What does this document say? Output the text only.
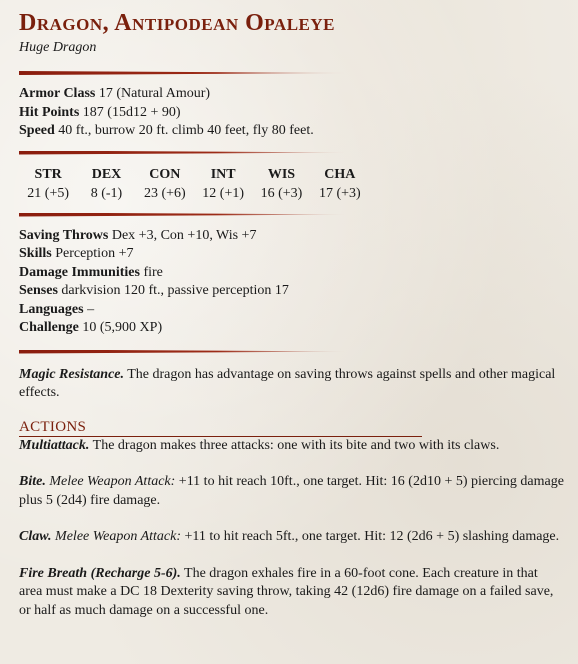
Dragon, Antipodean Opaleye
Huge Dragon
Armor Class 17 (Natural Amour)
Hit Points 187 (15d12 + 90)
Speed 40 ft., burrow 20 ft. climb 40 feet, fly 80 feet.
STR
21 (+5)
DEX
8 (-1)
CON
23 (+6)
INT
12 (+1)
WIS
16 (+3)
CHA
17 (+3)
Saving Throws Dex +3, Con +10, Wis +7
Skills Perception +7
Damage Immunities fire
Senses darkvision 120 ft., passive perception 17
Languages –
Challenge 10 (5,900 XP)

Magic Resistance. The dragon has advantage on saving throws against spells and other magical effects.

ACTIONS

Multiattack. The dragon makes three attacks: one with its bite and two with its claws.

Bite. Melee Weapon Attack: +11 to hit reach 10ft., one target. Hit: 16 (2d10 + 5) piercing damage plus 5 (2d4) fire damage.

Claw. Melee Weapon Attack: +11 to hit reach 5ft., one target. Hit: 12 (2d6 + 5) slashing damage.

Fire Breath (Recharge 5-6). The dragon exhales fire in a 60-foot cone. Each creature in that area must make a DC 18 Dexterity saving throw, taking 42 (12d6) fire damage on a failed save, or half as much damage on a successful one.
